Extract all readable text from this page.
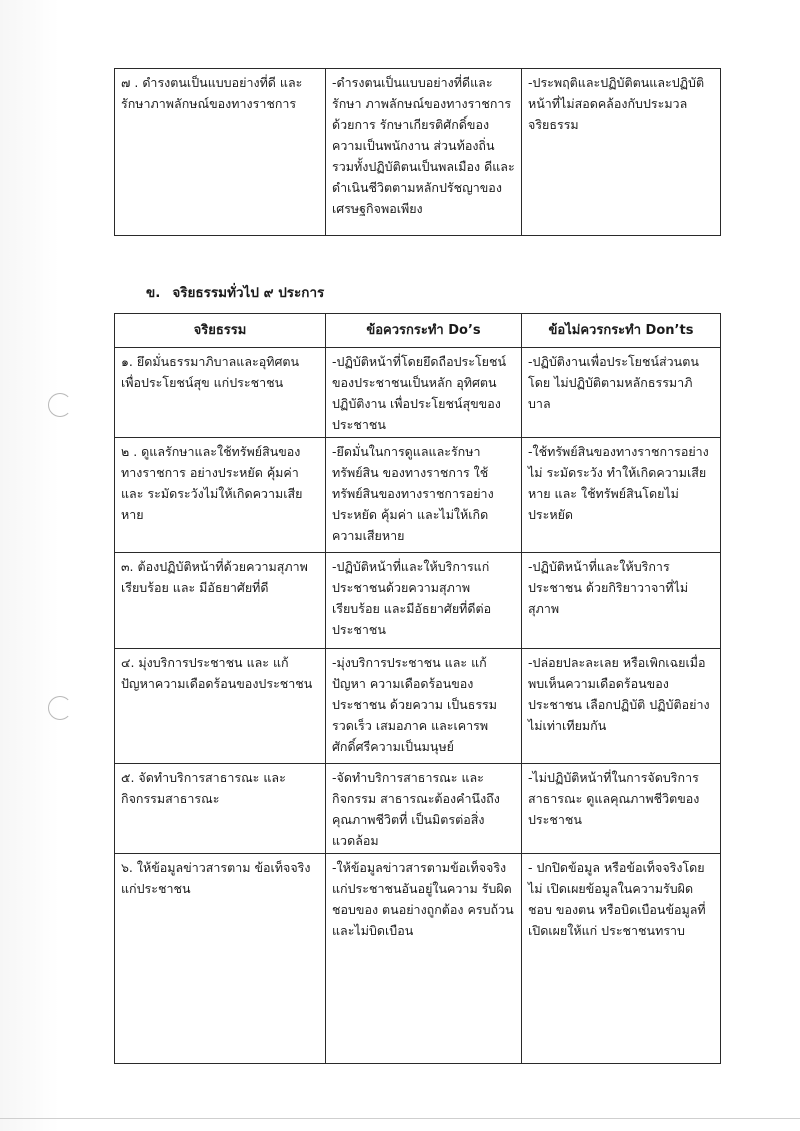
๗ . ดำรงตนเป็นแบบอย่างที่ดี และรักษาภาพลักษณ์ของทางราชการ	-ดำรงตนเป็นแบบอย่างที่ดีและรักษา ภาพลักษณ์ของทางราชการ ด้วยการ รักษาเกียรติศักดิ์ของความเป็นพนักงาน ส่วนท้องถิ่น รวมทั้งปฏิบัติตนเป็นพลเมือง ดีและดำเนินชีวิตตามหลักปรัชญาของ เศรษฐกิจพอเพียง	-ประพฤติและปฏิบัติตนและปฏิบัติหน้าที่ไม่สอดคล้องกับประมวลจริยธรรม
ข. จริยธรรมทั่วไป ๙ ประการ
จริยธรรม	ข้อควรกระทำ Do’s	ข้อไม่ควรกระทำ Don’ts
๑. ยึดมั่นธรรมาภิบาลและอุทิศตนเพื่อประโยชน์สุข แก่ประชาชน	-ปฏิบัติหน้าที่โดยยึดถือประโยชน์ของประชาชนเป็นหลัก อุทิศตนปฏิบัติงาน เพื่อประโยชน์สุขของประชาชน	-ปฏิบัติงานเพื่อประโยชน์ส่วนตนโดย ไม่ปฏิบัติตามหลักธรรมาภิบาล
๒ . ดูแลรักษาและใช้ทรัพย์สินของทางราชการ อย่างประหยัด คุ้มค่า และ ระมัดระวังไม่ให้เกิดความเสียหาย	-ยึดมั่นในการดูแลและรักษา ทรัพย์สิน ของทางราชการ ใช้ทรัพย์สินของทางราชการอย่าง ประหยัด คุ้มค่า และไม่ให้เกิดความเสียหาย	-ใช้ทรัพย์สินของทางราชการอย่าง ไม่ ระมัดระวัง ทำให้เกิดความเสียหาย และ ใช้ทรัพย์สินโดยไม่ประหยัด
๓. ต้องปฏิบัติหน้าที่ด้วยความสุภาพเรียบร้อย และ มีอัธยาศัยที่ดี	-ปฏิบัติหน้าที่และให้บริการแก่ประชาชนด้วยความสุภาพ เรียบร้อย และมีอัธยาศัยที่ดีต่อประชาชน	-ปฏิบัติหน้าที่และให้บริการ ประชาชน ด้วยกิริยาวาจาที่ไม่สุภาพ
๔. มุ่งบริการประชาชน และ แก้ปัญหาความเดือดร้อนของประชาชน	-มุ่งบริการประชาชน และ แก้ปัญหา ความเดือดร้อนของประชาชน ด้วยความ เป็นธรรม รวดเร็ว เสมอภาค และเคารพศักดิ์ศรีความเป็นมนุษย์	-ปล่อยปละละเลย หรือเพิกเฉยเมื่อพบเห็นความเดือดร้อนของ ประชาชน เลือกปฏิบัติ ปฏิบัติอย่างไม่เท่าเทียมกัน
๕. จัดทำบริการสาธารณะ และ กิจกรรมสาธารณะ	-จัดทำบริการสาธารณะ และ กิจกรรม สาธารณะต้องคำนึงถึง คุณภาพชีวิตที่ เป็นมิตรต่อสิ่งแวดล้อม	-ไม่ปฏิบัติหน้าที่ในการจัดบริการ สาธารณะ ดูแลคุณภาพชีวิตของ ประชาชน
๖. ให้ข้อมูลข่าวสารตาม ข้อเท็จจริงแก่ประชาชน	-ให้ข้อมูลข่าวสารตามข้อเท็จจริง แก่ประชาชนอันอยู่ในความ รับผิดชอบของ ตนอย่างถูกต้อง ครบถ้วนและไม่บิดเบือน	- ปกปิดข้อมูล หรือข้อเท็จจริงโดย ไม่ เปิดเผยข้อมูลในความรับผิดชอบ ของตน หรือบิดเบือนข้อมูลที่ เปิดเผยให้แก่ ประชาชนทราบ
